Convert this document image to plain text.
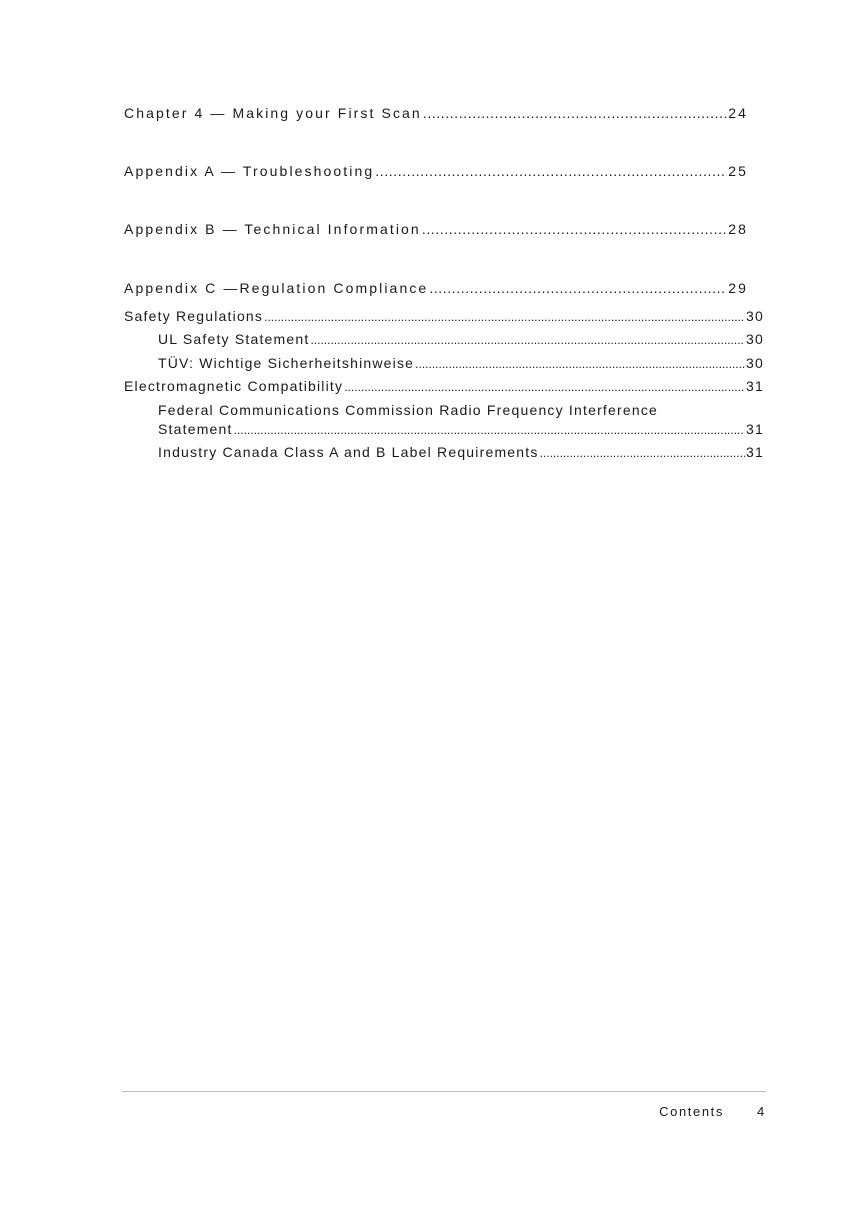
Chapter 4 — Making your First Scan .....	24
Appendix A — Troubleshooting .....	25
Appendix B — Technical Information .....	28
Appendix C —Regulation Compliance .....	29
Safety Regulations .....	30
UL Safety Statement .....	30
TÜV: Wichtige Sicherheitshinweise .....	30
Electromagnetic Compatibility .....	31
Federal Communications Commission Radio Frequency Interference
Statement .....	31
Industry Canada Class A and B Label Requirements .....	31
Contents	4
